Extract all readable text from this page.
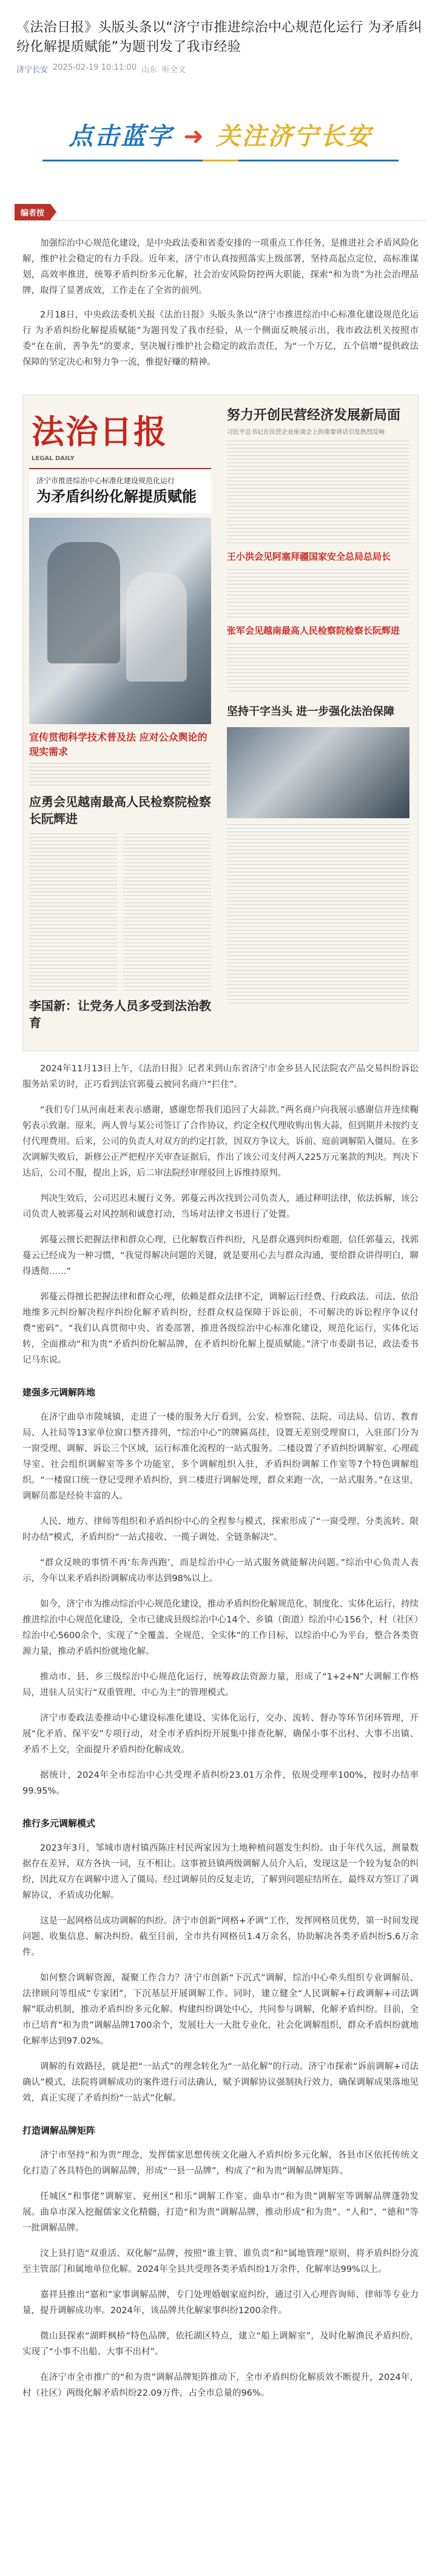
《法治日报》头版头条以“济宁市推进综治中心规范化运行 为矛盾纠纷化解提质赋能”为题刊发了我市经验
济宁长安 2025-02-19 10:11:00 山东 听全文
点击蓝字 ➜ 关注济宁长安
编者按

加强综治中心规范化建设，是中央政法委和省委安排的一项重点工作任务，是推进社会矛盾风险化解，维护社会稳定的有力手段。近年来，济宁市认真按照落实上级部署，坚持高起点定位，高标准谋划，高效率推进，统筹矛盾纠纷多元化解，社会治安风险防控两大职能，探索“和为贵”为社会治理品牌，取得了显著成效，工作走在了全省的前列。

2月18日，中央政法委机关报《法治日报》头版头条以“济宁市推进综治中心标准化建设规范化运行 为矛盾纠纷化解提质赋能”为题刊发了我市经验，从一个侧面反映展示出，我市政法机关按照市委“在在前，善争先”的要求，坚决履行维护社会稳定的政治责任，为“一个万亿，五个倍增”提供政法保障的坚定决心和努力争一流，惟提好赚的精神。

法治日报
LEGAL DAILY
济宁市推进综治中心标准化建设规范化运行
为矛盾纠纷化解提质赋能
宣传贯彻科学技术普及法 应对公众舆论的现实需求
应勇会见越南最高人民检察院检察长阮辉进
李国新：让党务人员多受到法治教育
努力开创民营经济发展新局面
习近平总书记在民营企业座谈会上的重要讲话引发热烈反响
王小洪会见阿塞拜疆国家安全总局总局长
张军会见越南最高人民检察院检察长阮辉进
坚持干字当头 进一步强化法治保障

2024年11月13日上午，《法治日报》记者来到山东省济宁市金乡县人民法院农产品交易纠纷诉讼服务站采访时，正巧看到法官郭蔓云被同名商户“拦住”。

“我们专门从河南赶来表示感谢，感谢您帮我们追回了大蒜款。”两名商户向我展示感谢信并连续鞠躬表示致谢。原来，两人曾与某公司签订了合作协议，约定全权代理收购出售大蒜，但到期并未按约支付代理费用。后来，公司的负责人对双方的约定打款，因双方争议大，诉前、庭前调解陷入僵局。在多次调解失败后，新修公正严把程序关审查证据后，作出了该公司支付两人225万元案款的判决。判决下达后，公司不服，提出上诉，后二审法院经审理驳回上诉维持原判。

判决生效后，公司迟迟未履行义务。郭蔓云再次找到公司负责人，通过释明法律，依法拆解，该公司负责人被郭蔓云对风控制和诚意打动，当场对法律文书进行了处置。

郭蔓云擅长把握法律和群众心理，已化解数百件纠纷，凡是群众遇到纠纷难题，信任郭蔓云，找郭蔓云已经成为一种习惯，“我觉得解决问题的关键，就是要用心去与群众沟通，要给群众讲得明白，聊得透彻……”

郭蔓云得擅长把握法律和群众心理，依赖是群众法律不定，调解运行经费、行政政法、司法、依沿地维多元纠纷解决程序纠纷化解矛盾纠纷，经群众权益保障于诉讼前，不可解决的诉讼程序争议付费“密码”。“我们认真贯彻中央、省委部署，推进各级综治中心标准化建设，规范化运行，实体化运转，全面推动“和为贵”矛盾纠纷化解品牌，在矛盾纠纷化解上提质赋能。”济宁市委副书记，政法委书记马东说。

建强多元调解阵地

在济宁曲阜市陵城镇，走进了一楼的服务大厅看到，公安、检察院、法院、司法局、信访、教育局、人社局等13家单位窗口整齐排列，“综治中心”的牌匾高挂，设置无差别受理窗口，入驻部门分为一窗受理、调解、诉讼三个区域，运行标准化流程的一站式服务。二楼设置了矛盾纠纷调解室、心理疏导室、社会组织调解室等多个功能室，多个调解组织入驻，矛盾纠纷调解工作室等7个特色调解组织。“一楼窗口统一登记受理矛盾纠纷，到二楼进行调解处理，群众来跑一次，一站式服务。”在这里，调解员都是经验丰富的人。

人民、地方、律师等组织和矛盾纠纷中心的全程参与模式，探索形成了“一窗受理、分类流转、限时办结”模式，矛盾纠纷“一站式接收、一揽子调处、全链条解决”。

“群众反映的事情不再‘东奔西跑’，而是综治中心一站式服务就能解决问题。”综治中心负责人表示，今年以来矛盾纠纷调解成功率达到98%以上。

如今，济宁市为推动综治中心规范化建设，推动矛盾纠纷化解规范化、制度化、实体化运行，持续推进综治中心规范化建设，全市已建成县级综治中心14个、乡镇（街道）综治中心156个，村（社区）综治中心5600余个，实现了“全覆盖、全规范、全实体”的工作目标，以综治中心为平台，整合各类资源力量，推动矛盾纠纷就地化解。

推动市、县、乡三级综治中心规范化运行，统筹政法资源力量，形成了“1+2+N”大调解工作格局，进驻人员实行“双重管理、中心为主”的管理模式。

济宁市委政法委推动中心建设标准化建设、实体化运行，交办、流转、督办等环节闭环管理，开展“化矛盾、保平安”专项行动，对全市矛盾纠纷开展集中排查化解，确保小事不出村、大事不出镇、矛盾不上交，全面提升矛盾纠纷化解成效。

据统计，2024年全市综治中心共受理矛盾纠纷23.01万余件，依规受理率100%，按时办结率99.95%。

推行多元调解模式

2023年3月，邹城市唐村镇西陈庄村民两家因为土地种植问题发生纠纷。由于年代久远，测量数据存在差异，双方各执一词，互不相让。这事被县镇两级调解人员介入后，发现这是一个较为复杂的纠纷，因此双方在调解中进入了僵局。经过调解员的反复走访，了解到问题症结所在，最终双方签订了调解协议，矛盾成功化解。

这是一起网格员成功调解的纠纷。济宁市创新“网格+矛调”工作，发挥网格员优势，第一时间发现问题、收集信息、解决纠纷。截至目前，全市共有网格员1.4万余名，协助解决各类矛盾纠纷5.6万余件。

如何整合调解资源，凝聚工作合力？济宁市创新“下沉式”调解，综治中心牵头组织专业调解员、法律顾问等组成“专家团”，下沉基层开展调解工作。同时，建立健全“人民调解+行政调解+司法调解”联动机制，推动矛盾纠纷多元化解。构建纠纷调处中心，共同参与调解，化解矛盾纠纷。目前，全市已培育“和为贵”调解品牌1700余个，发展壮大一大批专业化、社会化调解组织，群众矛盾纠纷就地化解率达到97.02%。

调解的有效路径，就是把“一站式”的理念转化为“一站化解”的行动。济宁市探索“诉前调解+司法确认”模式，法院将调解成功的案件进行司法确认，赋予调解协议强制执行效力，确保调解成果落地见效，真正实现了矛盾纠纷“一站式”化解。

打造调解品牌矩阵

济宁市坚持“和为贵”理念，发挥儒家思想传统文化融入矛盾纠纷多元化解，各县市区依托传统文化打造了各具特色的调解品牌，形成“一县一品牌”，构成了“和为贵”调解品牌矩阵。

任城区“和事佬”调解室、兖州区“和乐”调解工作室、曲阜市“和为贵”调解室等调解品牌蓬勃发展。曲阜市深入挖掘儒家文化精髓，打造“和为贵”调解品牌，推动形成“和为贵”、“人和”、“德和”等一批调解品牌。

汶上县打造“双重活、双化解”品牌，按照“谁主管、谁负责”和“属地管理”原则，将矛盾纠纷分流至主管部门和属地单位化解。2024年全县共受理各类矛盾纠纷1万余件，化解率达99%以上。

嘉祥县推出“嘉和”家事调解品牌，专门处理婚姻家庭纠纷，通过引入心理咨询师、律师等专业力量，提升调解成功率。2024年，该品牌共化解家事纠纷1200余件。

微山县探索“湖畔枫桥”特色品牌，依托湖区特点，建立“船上调解室”，及时化解渔民矛盾纠纷，实现了“小事不出船、大事不出村”。

在济宁市全市推广的“和为贵”调解品牌矩阵推动下，全市矛盾纠纷化解质效不断提升，2024年，村（社区）两级化解矛盾纠纷22.09万件，占全市总量的96%。
